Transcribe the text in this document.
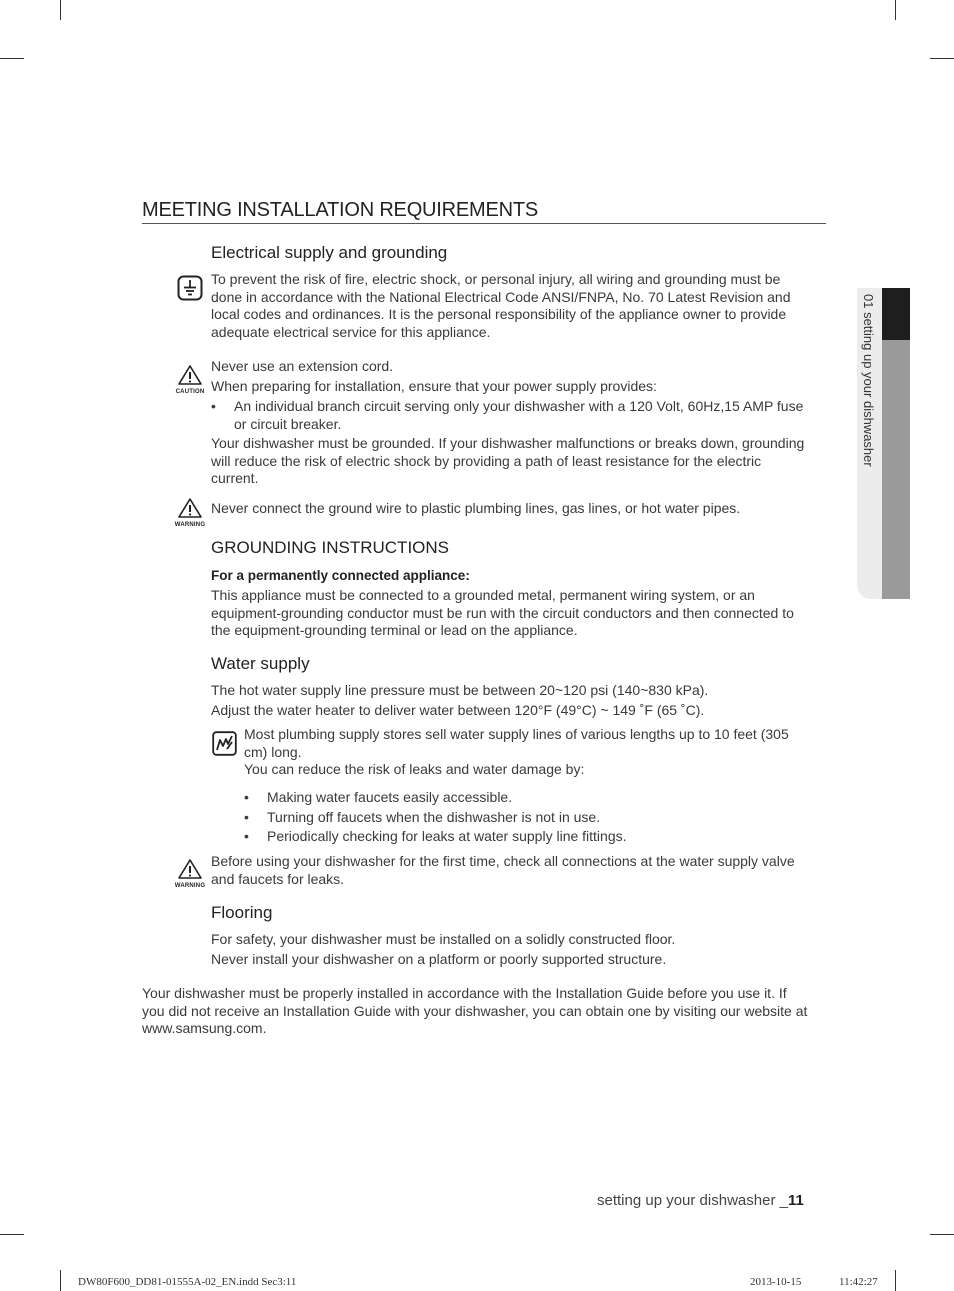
01 setting up your dishwasher
MEETING INSTALLATION REQUIREMENTS
Electrical supply and grounding
To prevent the risk of fire, electric shock, or personal injury, all wiring and grounding must be
done in accordance with the National Electrical Code ANSI/FNPA, No. 70 Latest Revision and
local codes and ordinances. It is the personal responsibility of the appliance owner to provide
adequate electrical service for this appliance.
CAUTION
Never use an extension cord.
When preparing for installation, ensure that your power supply provides:
• An individual branch circuit serving only your dishwasher with a 120 Volt, 60Hz,15 AMP fuse
or circuit breaker.
Your dishwasher must be grounded. If your dishwasher malfunctions or breaks down, grounding
will reduce the risk of electric shock by providing a path of least resistance for the electric
current.
WARNING
Never connect the ground wire to plastic plumbing lines, gas lines, or hot water pipes.
GROUNDING INSTRUCTIONS
For a permanently connected appliance:
This appliance must be connected to a grounded metal, permanent wiring system, or an
equipment-grounding conductor must be run with the circuit conductors and then connected to
the equipment-grounding terminal or lead on the appliance.
Water supply
The hot water supply line pressure must be between 20~120 psi (140~830 kPa).
Adjust the water heater to deliver water between 120°F (49°C) ~ 149 ˚F (65 ˚C).
Most plumbing supply stores sell water supply lines of various lengths up to 10 feet (305
cm) long.
You can reduce the risk of leaks and water damage by:
• Making water faucets easily accessible.
• Turning off faucets when the dishwasher is not in use.
• Periodically checking for leaks at water supply line fittings.
WARNING
Before using your dishwasher for the first time, check all connections at the water supply valve
and faucets for leaks.
Flooring
For safety, your dishwasher must be installed on a solidly constructed floor.
Never install your dishwasher on a platform or poorly supported structure.
Your dishwasher must be properly installed in accordance with the Installation Guide before you use it. If
you did not receive an Installation Guide with your dishwasher, you can obtain one by visiting our website at
www.samsung.com.
setting up your dishwasher _11
DW80F600_DD81-01555A-02_EN.indd Sec3:11	2013-10-15	11:42:27
